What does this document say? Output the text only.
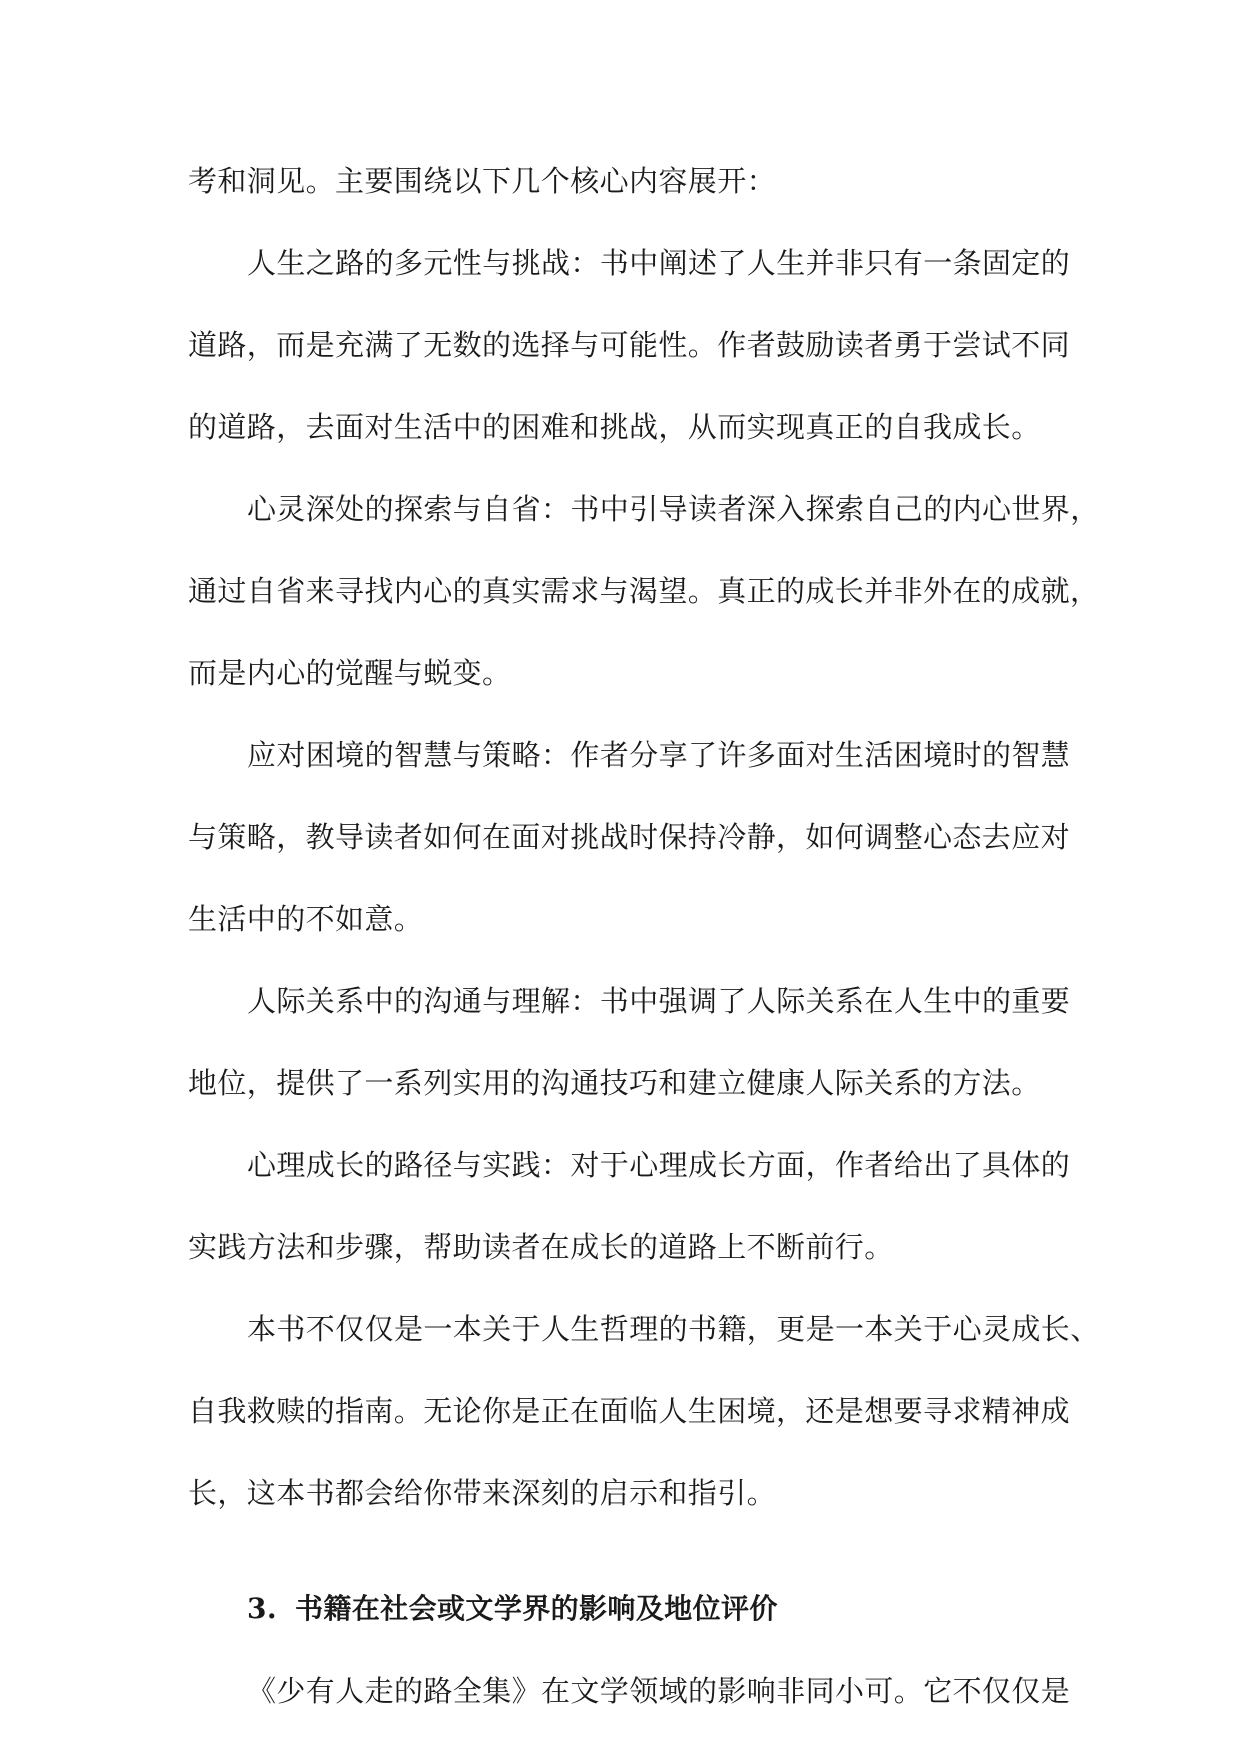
考和洞见。主要围绕以下几个核心内容展开：
人生之路的多元性与挑战：书中阐述了人生并非只有一条固定的
道路，而是充满了无数的选择与可能性。作者鼓励读者勇于尝试不同
的道路，去面对生活中的困难和挑战，从而实现真正的自我成长。
心灵深处的探索与自省：书中引导读者深入探索自己的内心世界，
通过自省来寻找内心的真实需求与渴望。真正的成长并非外在的成就，
而是内心的觉醒与蜕变。
应对困境的智慧与策略：作者分享了许多面对生活困境时的智慧
与策略，教导读者如何在面对挑战时保持冷静，如何调整心态去应对
生活中的不如意。
人际关系中的沟通与理解：书中强调了人际关系在人生中的重要
地位，提供了一系列实用的沟通技巧和建立健康人际关系的方法。
心理成长的路径与实践：对于心理成长方面，作者给出了具体的
实践方法和步骤，帮助读者在成长的道路上不断前行。
本书不仅仅是一本关于人生哲理的书籍，更是一本关于心灵成长、
自我救赎的指南。无论你是正在面临人生困境，还是想要寻求精神成
长，这本书都会给你带来深刻的启示和指引。
3. 书籍在社会或文学界的影响及地位评价
《少有人走的路全集》在文学领域的影响非同小可。它不仅仅是
